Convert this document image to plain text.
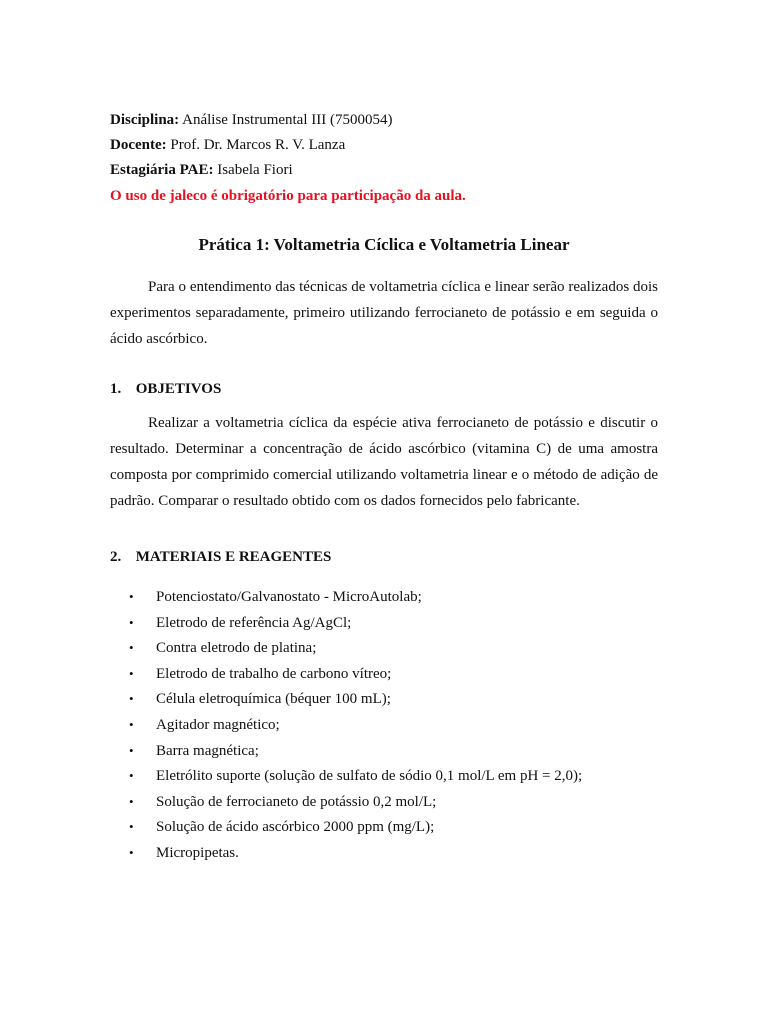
Disciplina: Análise Instrumental III (7500054)
Docente: Prof. Dr. Marcos R. V. Lanza
Estagiária PAE: Isabela Fiori
O uso de jaleco é obrigatório para participação da aula.
Prática 1: Voltametria Cíclica e Voltametria Linear

Para o entendimento das técnicas de voltametria cíclica e linear serão realizados dois experimentos separadamente, primeiro utilizando ferrocianeto de potássio e em seguida o ácido ascórbico.

1. OBJETIVOS

Realizar a voltametria cíclica da espécie ativa ferrocianeto de potássio e discutir o resultado. Determinar a concentração de ácido ascórbico (vitamina C) de uma amostra composta por comprimido comercial utilizando voltametria linear e o método de adição de padrão. Comparar o resultado obtido com os dados fornecidos pelo fabricante.

2. MATERIAIS E REAGENTES
• Potenciostato/Galvanostato - MicroAutolab;
• Eletrodo de referência Ag/AgCl;
• Contra eletrodo de platina;
• Eletrodo de trabalho de carbono vítreo;
• Célula eletroquímica (béquer 100 mL);
• Agitador magnético;
• Barra magnética;
• Eletrólito suporte (solução de sulfato de sódio 0,1 mol/L em pH = 2,0);
• Solução de ferrocianeto de potássio 0,2 mol/L;
• Solução de ácido ascórbico 2000 ppm (mg/L);
• Micropipetas.
